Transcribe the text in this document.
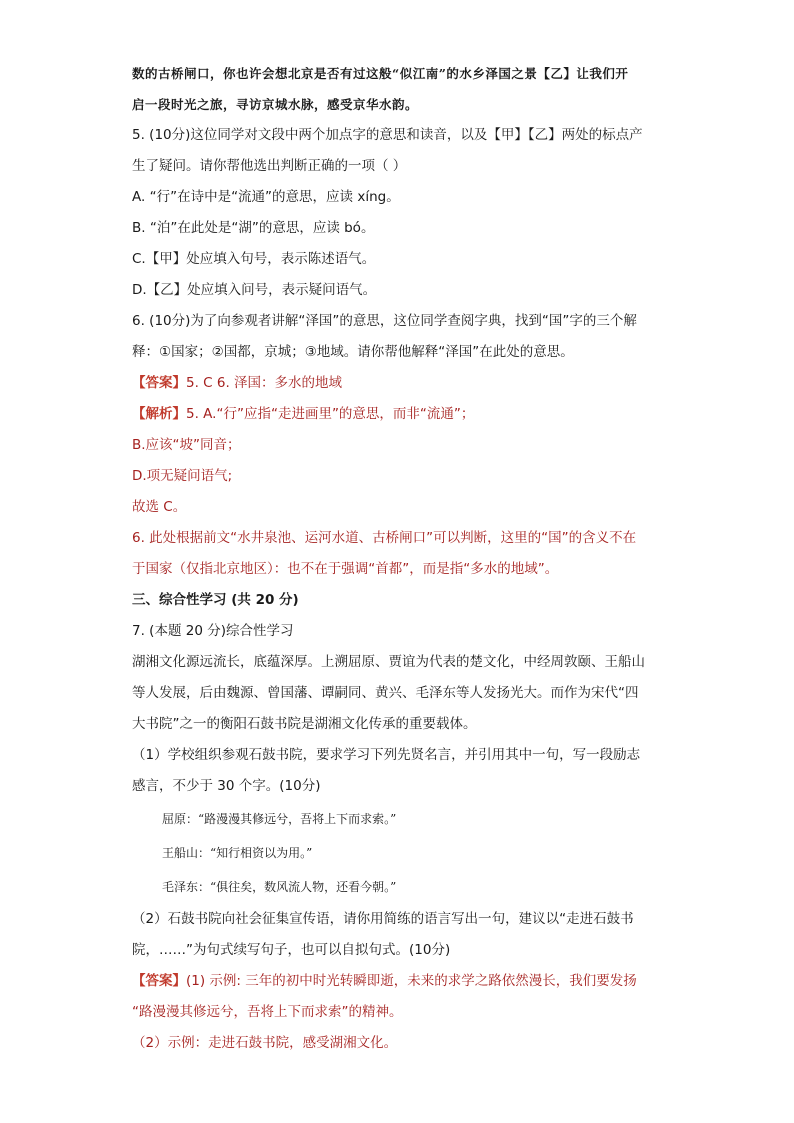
数的古桥闸口，你也许会想北京是否有过这般“似江南”的水乡泽国之景【乙】让我们开
启一段时光之旅，寻访京城水脉，感受京华水韵。
5. (10分)这位同学对文段中两个加点字的意思和读音，以及【甲】【乙】两处的标点产
生了疑问。请你帮他选出判断正确的一项（ ）
A. “行”在诗中是“流通”的意思，应读 xíng。
B. “泊”在此处是“湖”的意思，应读 bó。
C.【甲】处应填入句号，表示陈述语气。
D.【乙】处应填入问号，表示疑问语气。
6. (10分)为了向参观者讲解“泽国”的意思，这位同学查阅字典，找到“国”字的三个解
释：①国家；②国都，京城；③地域。请你帮他解释“泽国”在此处的意思。
【答案】5. C 6. 泽国：多水的地域
【解析】5. A.“行”应指“走进画里”的意思，而非“流通”；
B.应该“坡”同音；
D.项无疑问语气;
故选 C。
6. 此处根据前文“水井泉池、运河水道、古桥闸口”可以判断，这里的“国”的含义不在
于国家（仅指北京地区）：也不在于强调“首都”，而是指“多水的地域”。
三、综合性学习 (共 20 分)
7. (本题 20 分)综合性学习
湖湘文化源远流长，底蕴深厚。上溯屈原、贾谊为代表的楚文化，中经周敦颐、王船山
等人发展，后由魏源、曾国藩、谭嗣同、黄兴、毛泽东等人发扬光大。而作为宋代“四
大书院”之一的衡阳石鼓书院是湖湘文化传承的重要载体。
（1）学校组织参观石鼓书院，要求学习下列先贤名言，并引用其中一句，写一段励志
感言，不少于 30 个字。(10分)
屈原：“路漫漫其修远兮，吾将上下而求索。”
王船山：“知行相资以为用。”
毛泽东：“俱往矣，数风流人物，还看今朝。”
（2）石鼓书院向社会征集宣传语，请你用简练的语言写出一句，建议以“走进石鼓书
院，……”为句式续写句子，也可以自拟句式。(10分)
【答案】(1) 示例: 三年的初中时光转瞬即逝，未来的求学之路依然漫长，我们要发扬
“路漫漫其修远兮，吾将上下而求索”的精神。
（2）示例：走进石鼓书院，感受湖湘文化。
